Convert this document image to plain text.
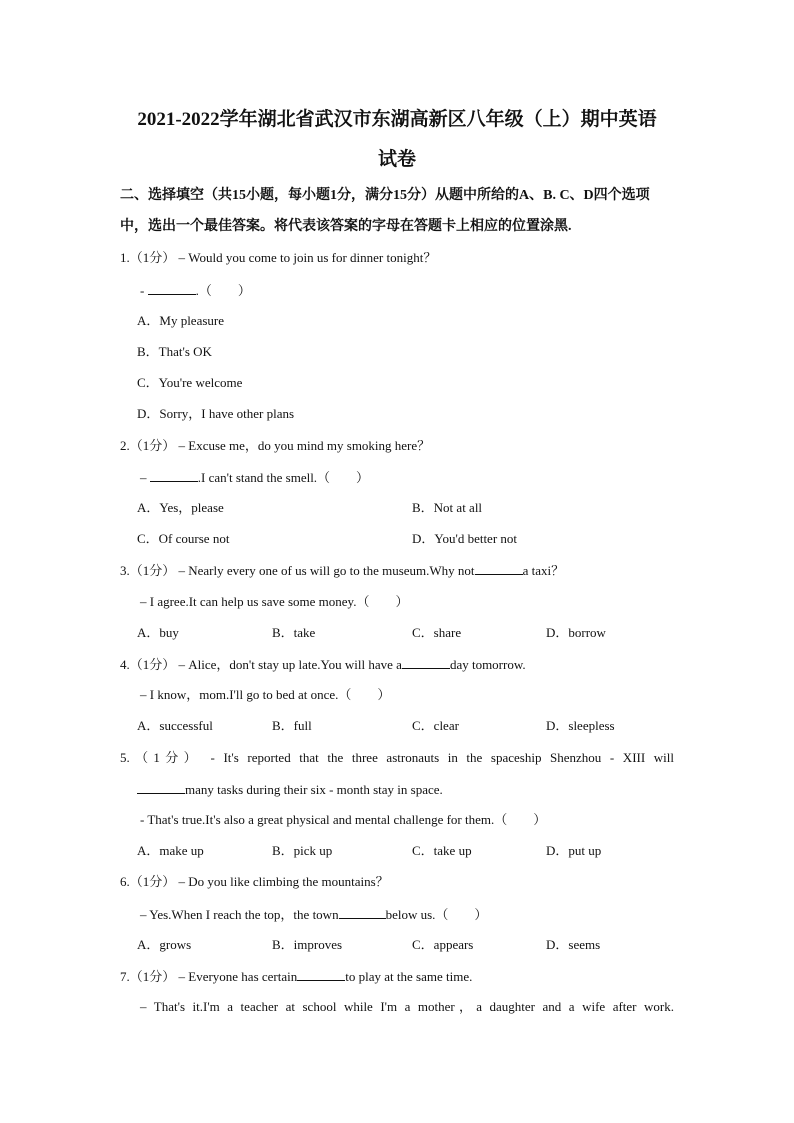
2021-2022学年湖北省武汉市东湖高新区八年级（上）期中英语
试卷
二、选择填空（共15小题，每小题1分，满分15分）从题中所给的A、B. C、D四个选项
中，选出一个最佳答案。将代表该答案的字母在答题卡上相应的位置涂黑.
1.（1分） – Would you come to join us for dinner tonight？
-	.（　　）
A．My pleasure
B．That's OK
C．You're welcome
D．Sorry，I have other plans
2.（1分） – Excuse me，do you mind my smoking here？
–	.I can't stand the smell.（　　）
A．Yes，please	B．Not at all
C．Of course not	D．You'd better not
3.（1分） – Nearly every one of us will go to the museum.Why not	a taxi？
– I agree.It can help us save some money.（　　）
A．buy	B．take	C．share	D．borrow
4.（1分） – Alice，don't stay up late.You will have a	day tomorrow.
– I know，mom.I'll go to bed at once.（　　）
A．successful	B．full	C．clear	D．sleepless
5.（1分） - It's reported that the three astronauts in the spaceship Shenzhou - XIII will
many tasks during their six - month stay in space.
- That's true.It's also a great physical and mental challenge for them.（　　）
A．make up	B．pick up	C．take up	D．put up
6.（1分） – Do you like climbing the mountains？
– Yes.When I reach the top，the town	below us.（　　）
A．grows	B．improves	C．appears	D．seems
7.（1分） – Everyone has certain	to play at the same time.
– That's it.I'm a teacher at school while I'm a mother，a daughter and a wife after work.
